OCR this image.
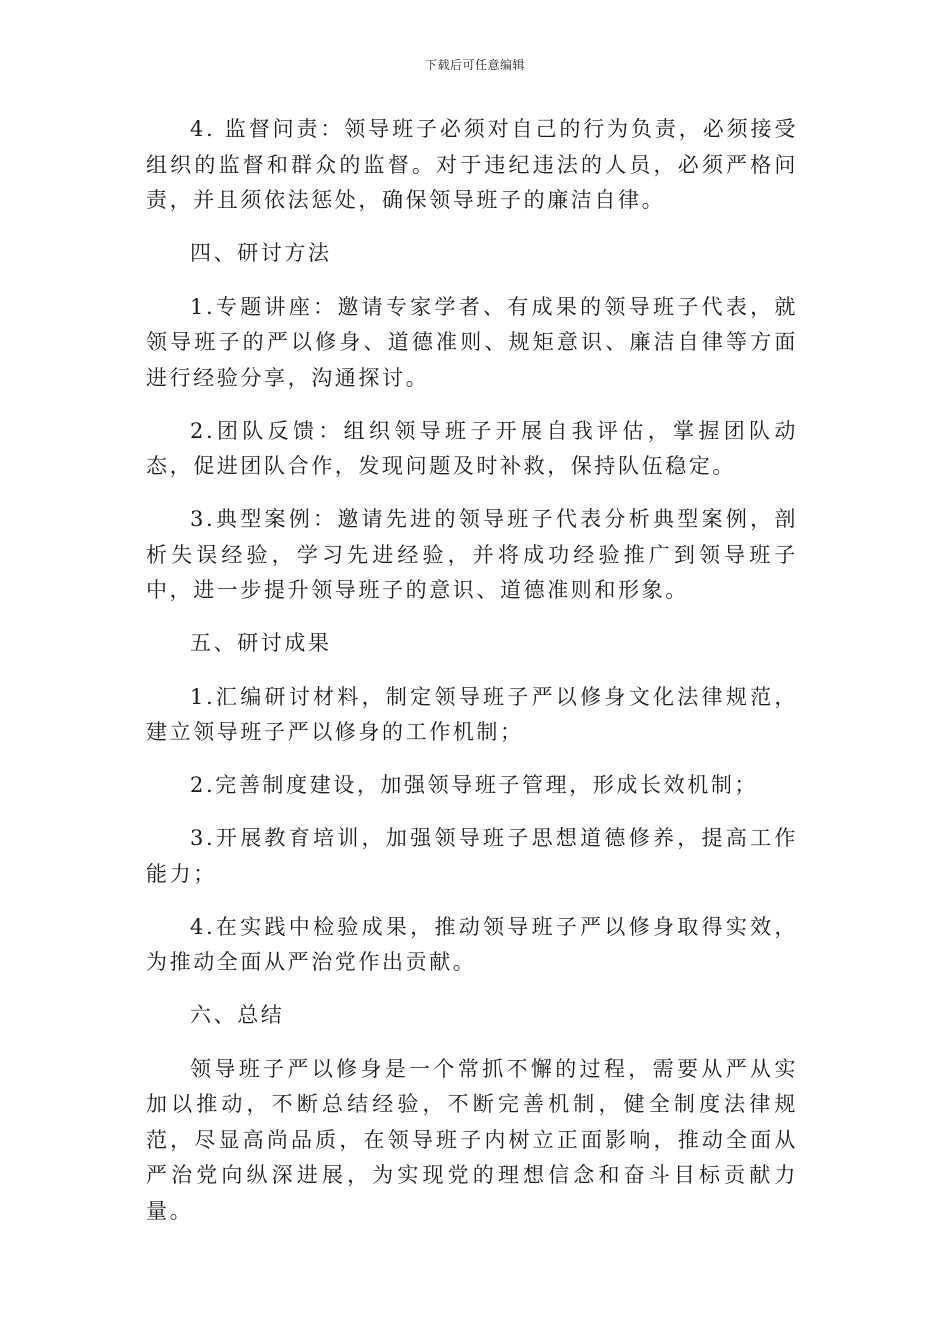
下载后可任意编辑

4. 监督问责：领导班子必须对自己的行为负责，必须接受组织的监督和群众的监督。对于违纪违法的人员，必须严格问责，并且须依法惩处，确保领导班子的廉洁自律。

四、研讨方法

1.专题讲座：邀请专家学者、有成果的领导班子代表，就领导班子的严以修身、道德准则、规矩意识、廉洁自律等方面进行经验分享，沟通探讨。

2.团队反馈：组织领导班子开展自我评估，掌握团队动态，促进团队合作，发现问题及时补救，保持队伍稳定。

3.典型案例：邀请先进的领导班子代表分析典型案例，剖析失误经验，学习先进经验，并将成功经验推广到领导班子中，进一步提升领导班子的意识、道德准则和形象。

五、研讨成果

1.汇编研讨材料，制定领导班子严以修身文化法律规范，建立领导班子严以修身的工作机制；

2.完善制度建设，加强领导班子管理，形成长效机制；

3.开展教育培训，加强领导班子思想道德修养，提高工作能力；

4.在实践中检验成果，推动领导班子严以修身取得实效，为推动全面从严治党作出贡献。

六、总结

领导班子严以修身是一个常抓不懈的过程，需要从严从实加以推动，不断总结经验，不断完善机制，健全制度法律规范，尽显高尚品质，在领导班子内树立正面影响，推动全面从严治党向纵深进展，为实现党的理想信念和奋斗目标贡献力量。
